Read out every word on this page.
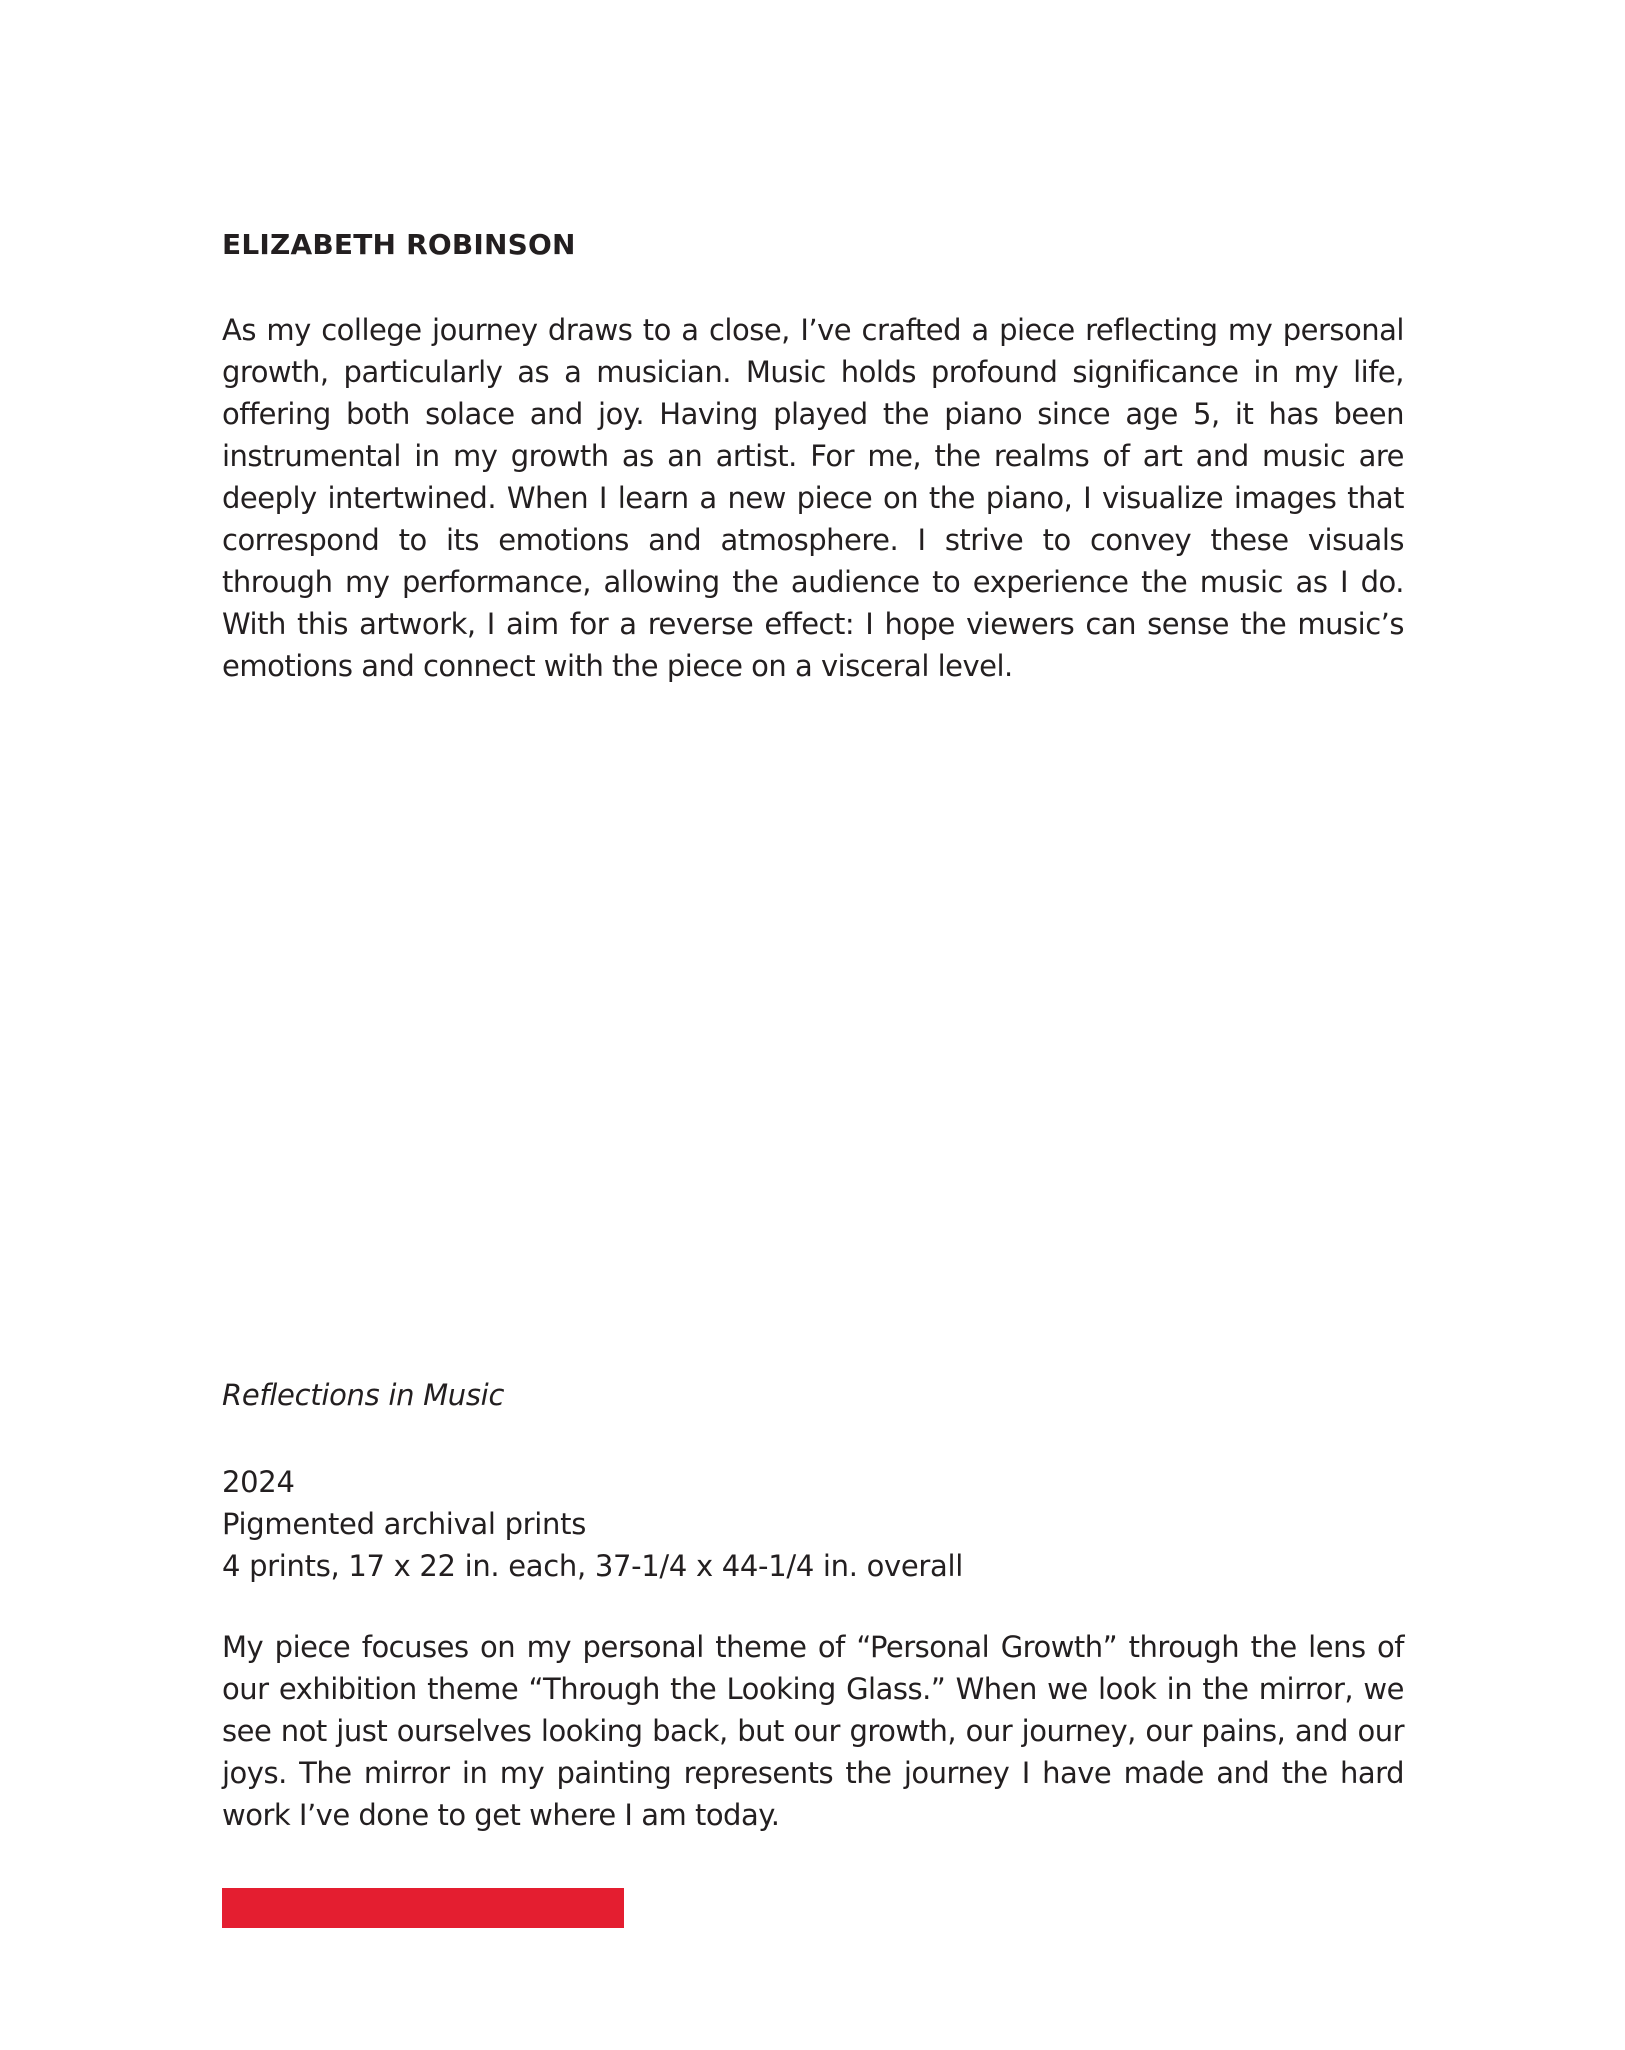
ELIZABETH ROBINSON

As my college journey draws to a close, I’ve crafted a piece reflecting my personal growth, particularly as a musician. Music holds profound significance in my life, offering both solace and joy. Having played the piano since age 5, it has been instrumental in my growth as an artist. For me, the realms of art and music are deeply intertwined. When I learn a new piece on the piano, I visualize images that correspond to its emotions and atmosphere. I strive to convey these visuals through my performance, allowing the audience to experience the music as I do. With this artwork, I aim for a reverse effect: I hope viewers can sense the music’s emotions and connect with the piece on a visceral level.

Reflections in Music

2024
Pigmented archival prints
4 prints, 17 x 22 in. each, 37-1/4 x 44-1/4 in. overall

My piece focuses on my personal theme of “Personal Growth” through the lens of our exhibition theme “Through the Looking Glass.” When we look in the mirror, we see not just ourselves looking back, but our growth, our journey, our pains, and our joys. The mirror in my painting represents the journey I have made and the hard work I’ve done to get where I am today.
